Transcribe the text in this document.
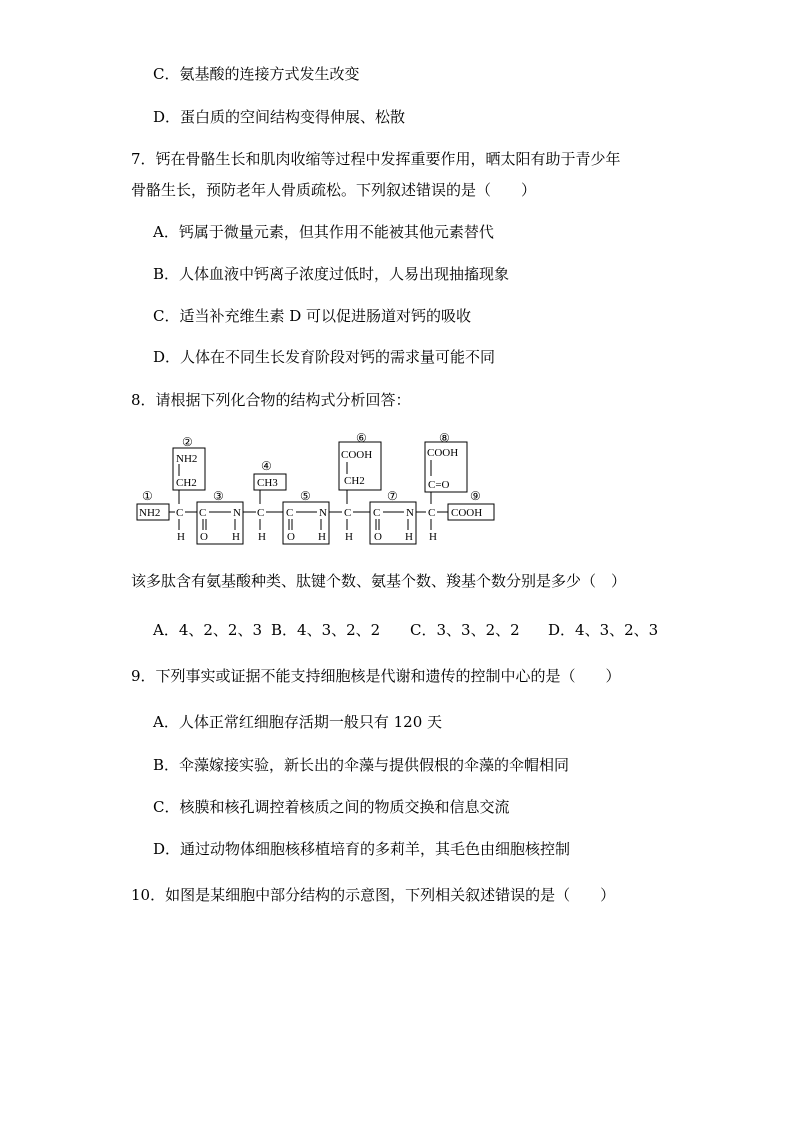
C．氨基酸的连接方式发生改变
D．蛋白质的空间结构变得伸展、松散
7．钙在骨骼生长和肌肉收缩等过程中发挥重要作用，晒太阳有助于青少年
骨骼生长，预防老年人骨质疏松。下列叙述错误的是（　　）
A．钙属于微量元素，但其作用不能被其他元素替代
B．人体血液中钙离子浓度过低时，人易出现抽搐现象
C．适当补充维生素 D 可以促进肠道对钙的吸收
D．人体在不同生长发育阶段对钙的需求量可能不同
8．请根据下列化合物的结构式分析回答：
①
②
③
④
⑤
⑥
⑦
⑧
⑨
NH2
NH2
CH2
C
H
C N
O H
CH3
C
H
C N
O H
COOH
CH2
C
H
C N
O H
COOH
C=O
C
H
COOH
该多肽含有氨基酸种类、肽键个数、氨基个数、羧基个数分别是多少（　）
A．4、2、2、3 B．4、3、2、2 C．3、3、2、2 D．4、3、2、3
9．下列事实或证据不能支持细胞核是代谢和遗传的控制中心的是（　　）
A．人体正常红细胞存活期一般只有 120 天
B．伞藻嫁接实验，新长出的伞藻与提供假根的伞藻的伞帽相同
C．核膜和核孔调控着核质之间的物质交换和信息交流
D．通过动物体细胞核移植培育的多莉羊，其毛色由细胞核控制
10．如图是某细胞中部分结构的示意图，下列相关叙述错误的是（　　）
